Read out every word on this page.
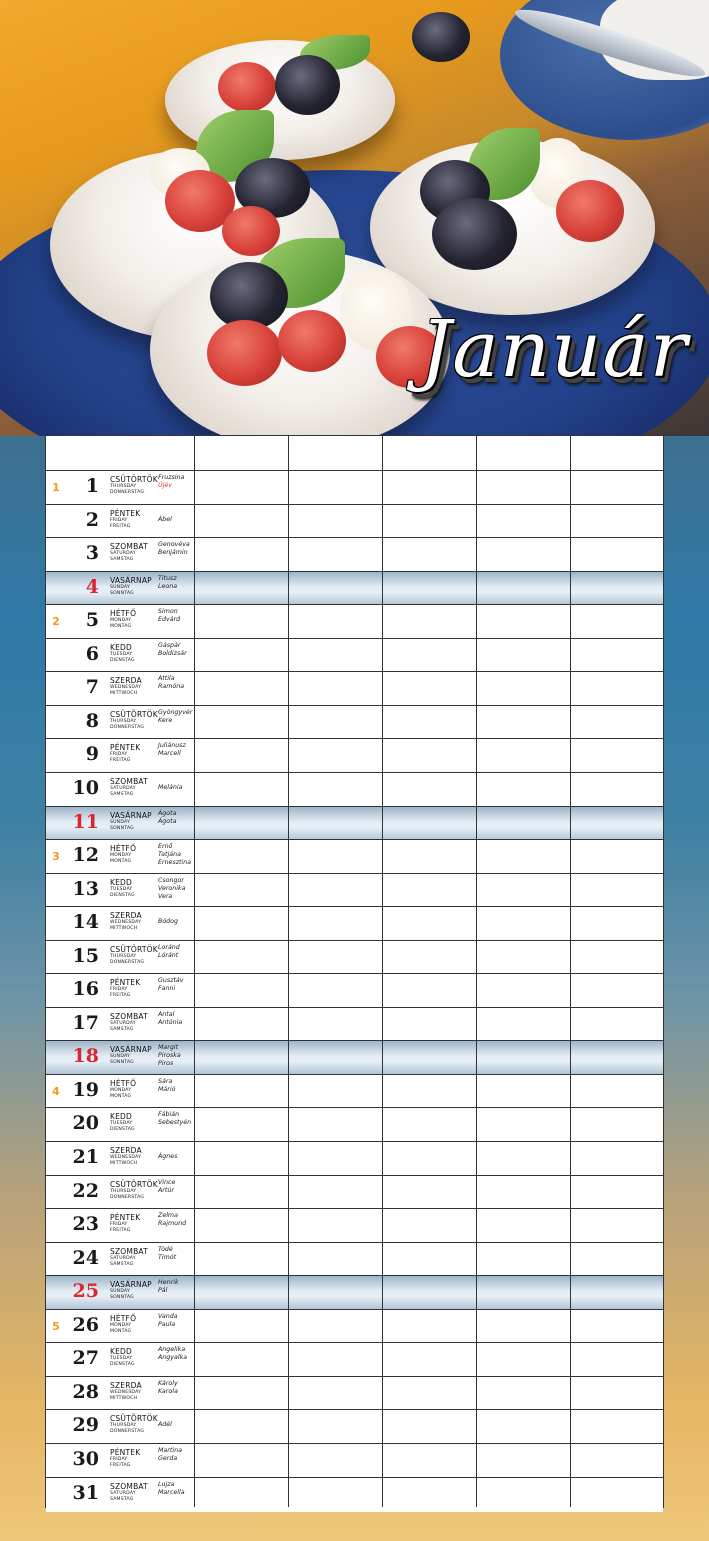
Január
1	1 CSÜTÖRTÖK
THURSDAY
DONNERSTAG
Fruzsina
Újév
2 PÉNTEK
FRIDAY
FREITAG

Ábel
3 SZOMBAT
SATURDAY
SAMSTAG
Genovéva
Benjámin
4 VASÁRNAP
SUNDAY
SONNTAG
Titusz
Leona
2	5 HÉTFŐ
MONDAY
MONTAG
Simon
Edvárd
6 KEDD
TUESDAY
DIENSTAG
Gáspár
Boldizsár
7 SZERDA
WEDNESDAY
MITTWOCH
Attila
Ramóna
8 CSÜTÖRTÖK
THURSDAY
DONNERSTAG
Gyöngyvér
Kere
9 PÉNTEK
FRIDAY
FREITAG
Juliánusz
Marcell
10 SZOMBAT
SATURDAY
SAMSTAG

Melánia
11 VASÁRNAP
SUNDAY
SONNTAG
Ágota
Ágota
3 12 HÉTFŐ
MONDAY
MONTAG
Ernő
Tatjána
Ernesztina
13 KEDD
TUESDAY
DIENSTAG
Csongor
Veronika
Vera
14 SZERDA
WEDNESDAY
MITTWOCH

Bódog
15 CSÜTÖRTÖK
THURSDAY
DONNERSTAG
Loránd
Lóránt
16 PÉNTEK
FRIDAY
FREITAG
Gusztáv
Fanni
17 SZOMBAT
SATURDAY
SAMSTAG
Antal
Antónia
18 VASÁRNAP
SUNDAY
SONNTAG
Margit
Piroska
Piros
4 19 HÉTFŐ
MONDAY
MONTAG
Sára
Márió
20 KEDD
TUESDAY
DIENSTAG
Fábián
Sebestyén
21 SZERDA
WEDNESDAY
MITTWOCH

Ágnes
22 CSÜTÖRTÖK
THURSDAY
DONNERSTAG
Vince
Artúr
23 PÉNTEK
FRIDAY
FREITAG
Zelma
Rajmund
24 SZOMBAT
SATURDAY
SAMSTAG
Tódé
Timót
25 VASÁRNAP
SUNDAY
SONNTAG
Henrik
Pál
5 26 HÉTFŐ
MONDAY
MONTAG
Vanda
Paula
27 KEDD
TUESDAY
DIENSTAG
Angelika
Angyalka
28 SZERDA
WEDNESDAY
MITTWOCH
Károly
Karola
29 CSÜTÖRTÖK
THURSDAY
DONNERSTAG

Adél
30 PÉNTEK
FRIDAY
FREITAG
Martina
Gerda
31 SZOMBAT
SATURDAY
SAMSTAG
Lujza
Marcella
